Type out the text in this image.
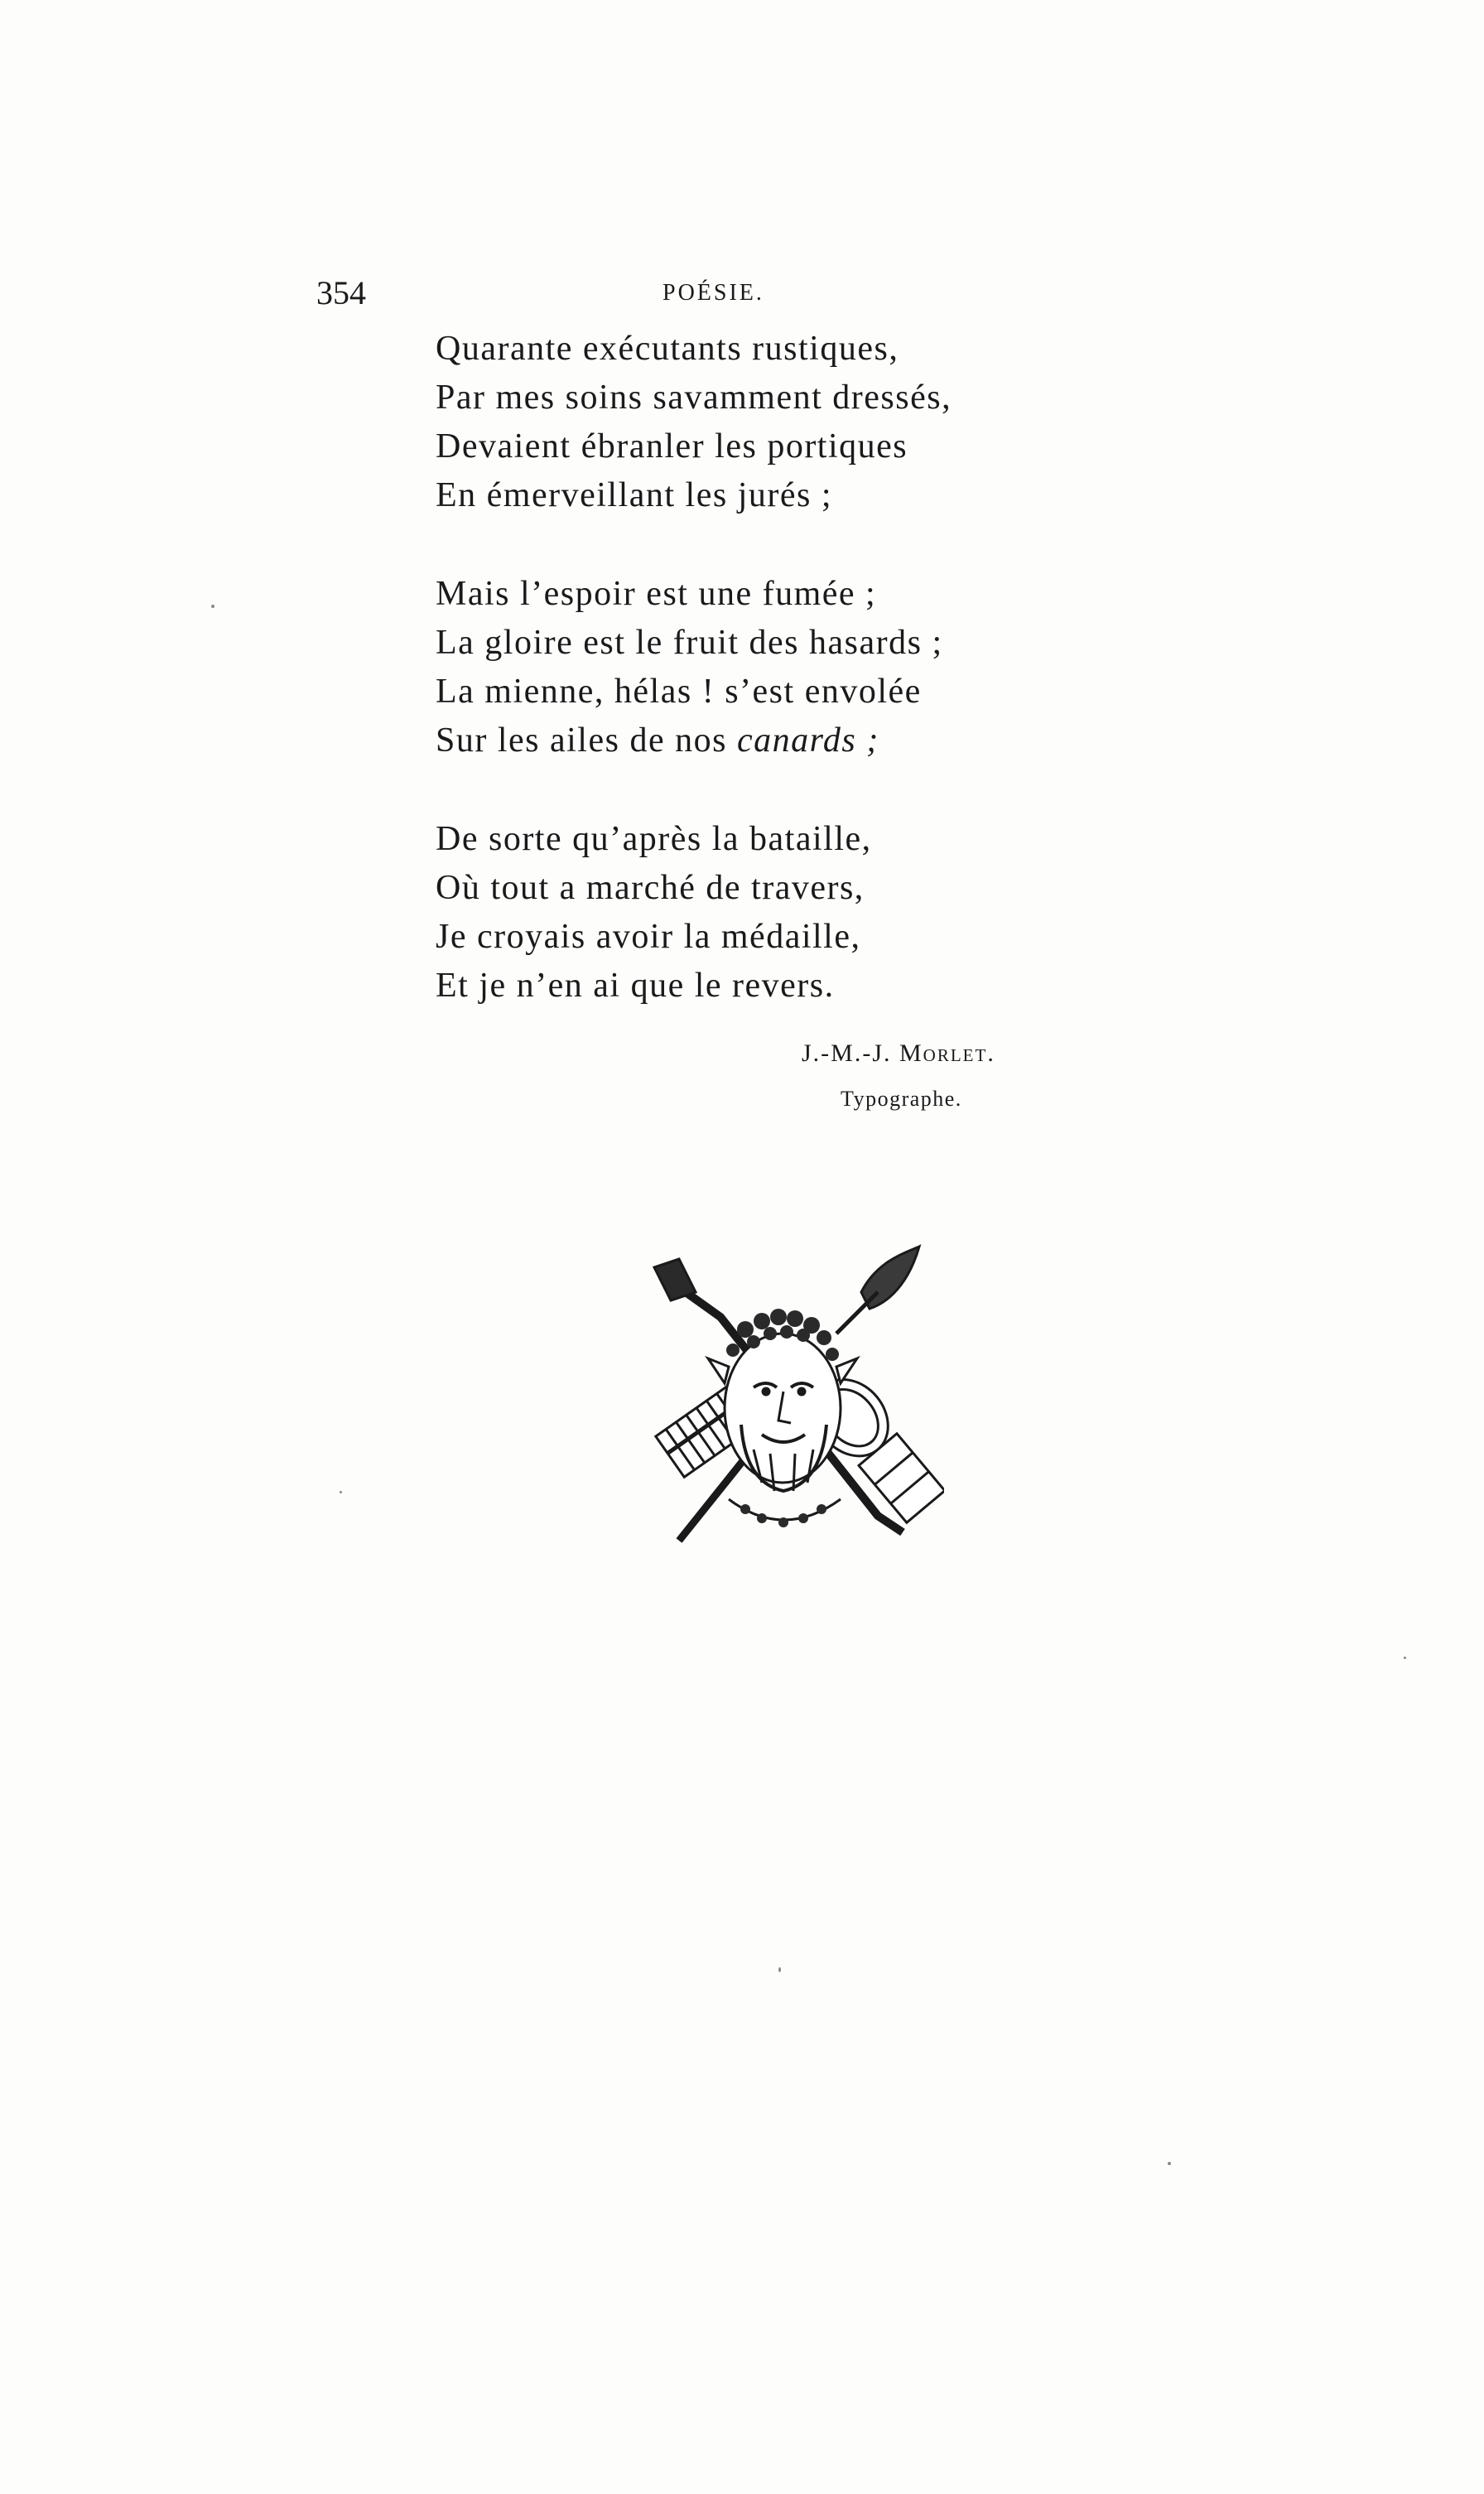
354	POÉSIE.
Quarante exécutants rustiques,
Par mes soins savamment dressés,
Devaient ébranler les portiques
En émerveillant les jurés ;
Mais l’espoir est une fumée ;
La gloire est le fruit des hasards ;
La mienne, hélas ! s’est envolée
Sur les ailes de nos canards ;
De sorte qu’après la bataille,
Où tout a marché de travers,
Je croyais avoir la médaille,
Et je n’en ai que le revers.
J.-M.-J. Morlet.
Typographe.
